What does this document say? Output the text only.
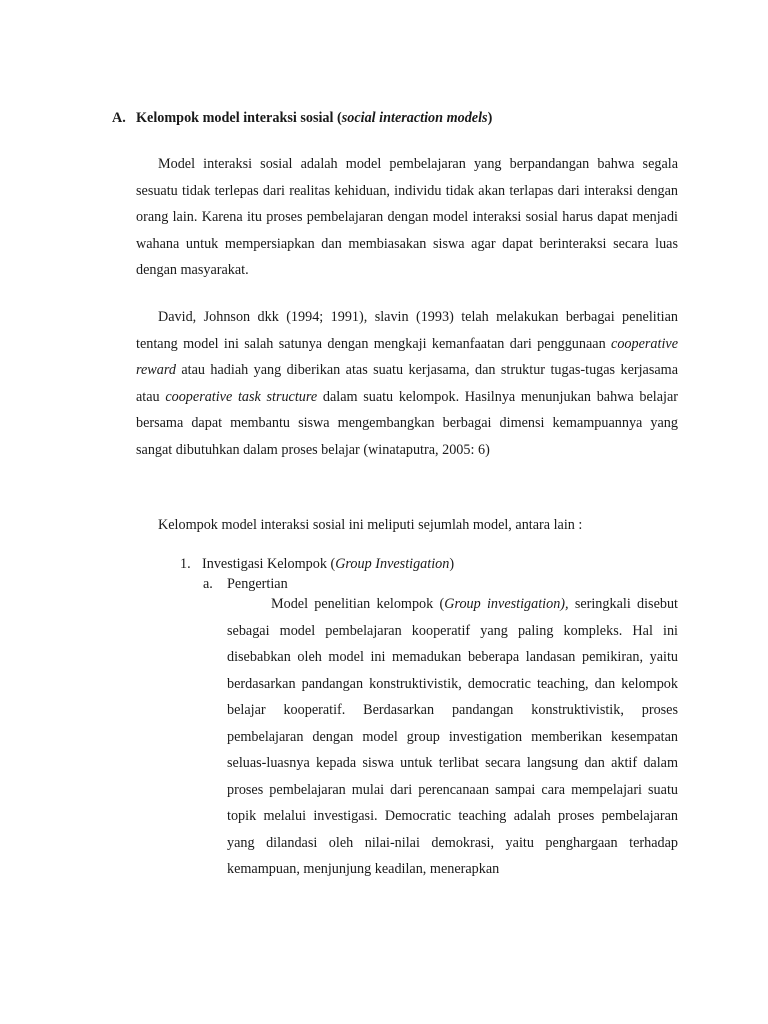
A. Kelompok model interaksi sosial (social interaction models)

Model interaksi sosial adalah model pembelajaran yang berpandangan bahwa segala sesuatu tidak terlepas dari realitas kehiduan, individu tidak akan terlapas dari interaksi dengan orang lain. Karena itu proses pembelajaran dengan model interaksi sosial harus dapat menjadi wahana untuk mempersiapkan dan membiasakan siswa agar dapat berinteraksi secara luas dengan masyarakat.

David, Johnson dkk (1994; 1991), slavin (1993) telah melakukan berbagai penelitian tentang model ini salah satunya dengan mengkaji kemanfaatan dari penggunaan cooperative reward atau hadiah yang diberikan atas suatu kerjasama, dan struktur tugas-tugas kerjasama atau cooperative task structure dalam suatu kelompok. Hasilnya menunjukan bahwa belajar bersama dapat membantu siswa mengembangkan berbagai dimensi kemampuannya yang sangat dibutuhkan dalam proses belajar (winataputra, 2005: 6)

Kelompok model interaksi sosial ini meliputi sejumlah model, antara lain :

1. Investigasi Kelompok (Group Investigation)
a. Pengertian

Model penelitian kelompok (Group investigation), seringkali disebut sebagai model pembelajaran kooperatif yang paling kompleks. Hal ini disebabkan oleh model ini memadukan beberapa landasan pemikiran, yaitu berdasarkan pandangan konstruktivistik, democratic teaching, dan kelompok belajar kooperatif. Berdasarkan pandangan konstruktivistik, proses pembelajaran dengan model group investigation memberikan kesempatan seluas-luasnya kepada siswa untuk terlibat secara langsung dan aktif dalam proses pembelajaran mulai dari perencanaan sampai cara mempelajari suatu topik melalui investigasi. Democratic teaching adalah proses pembelajaran yang dilandasi oleh nilai-nilai demokrasi, yaitu penghargaan terhadap kemampuan, menjunjung keadilan, menerapkan
